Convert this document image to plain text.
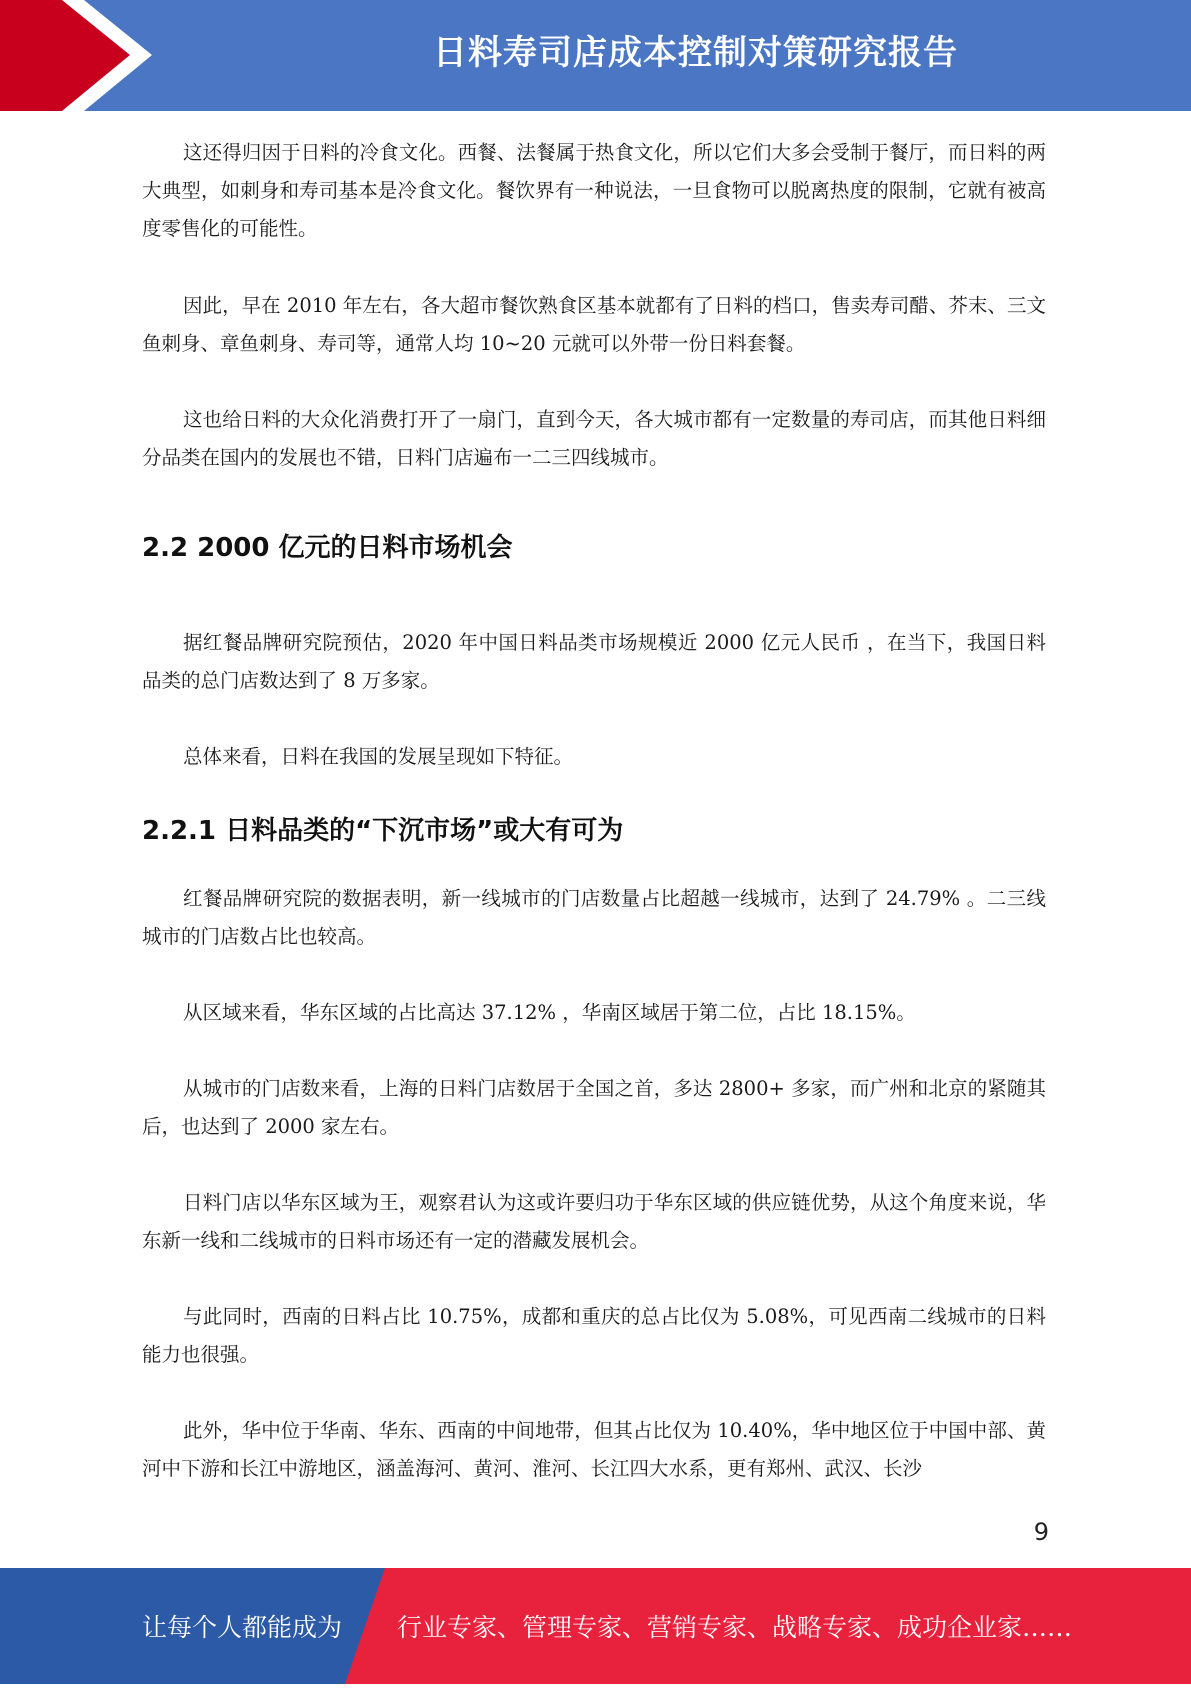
日料寿司店成本控制对策研究报告

这还得归因于日料的冷食文化。西餐、法餐属于热食文化，所以它们大多会受制于餐厅，而日料的两大典型，如刺身和寿司基本是冷食文化。餐饮界有一种说法，一旦食物可以脱离热度的限制，它就有被高度零售化的可能性。

因此，早在 2010 年左右，各大超市餐饮熟食区基本就都有了日料的档口，售卖寿司醋、芥末、三文鱼刺身、章鱼刺身、寿司等，通常人均 10~20 元就可以外带一份日料套餐。

这也给日料的大众化消费打开了一扇门，直到今天，各大城市都有一定数量的寿司店，而其他日料细分品类在国内的发展也不错，日料门店遍布一二三四线城市。

2.2 2000 亿元的日料市场机会

据红餐品牌研究院预估，2020 年中国日料品类市场规模近 2000 亿元人民币 ，在当下，我国日料品类的总门店数达到了 8 万多家。

总体来看，日料在我国的发展呈现如下特征。

2.2.1 日料品类的“下沉市场”或大有可为

红餐品牌研究院的数据表明，新一线城市的门店数量占比超越一线城市，达到了 24.79% 。二三线城市的门店数占比也较高。

从区域来看，华东区域的占比高达 37.12% ，华南区域居于第二位，占比 18.15%。

从城市的门店数来看，上海的日料门店数居于全国之首，多达 2800+ 多家，而广州和北京的紧随其后，也达到了 2000 家左右。

日料门店以华东区域为王，观察君认为这或许要归功于华东区域的供应链优势，从这个角度来说，华东新一线和二线城市的日料市场还有一定的潜藏发展机会。

与此同时，西南的日料占比 10.75%，成都和重庆的总占比仅为 5.08%，可见西南二线城市的日料能力也很强。

此外，华中位于华南、华东、西南的中间地带，但其占比仅为 10.40%，华中地区位于中国中部、黄河中下游和长江中游地区，涵盖海河、黄河、淮河、长江四大水系，更有郑州、武汉、长沙

9
让每个人都能成为 行业专家、管理专家、营销专家、战略专家、成功企业家……
